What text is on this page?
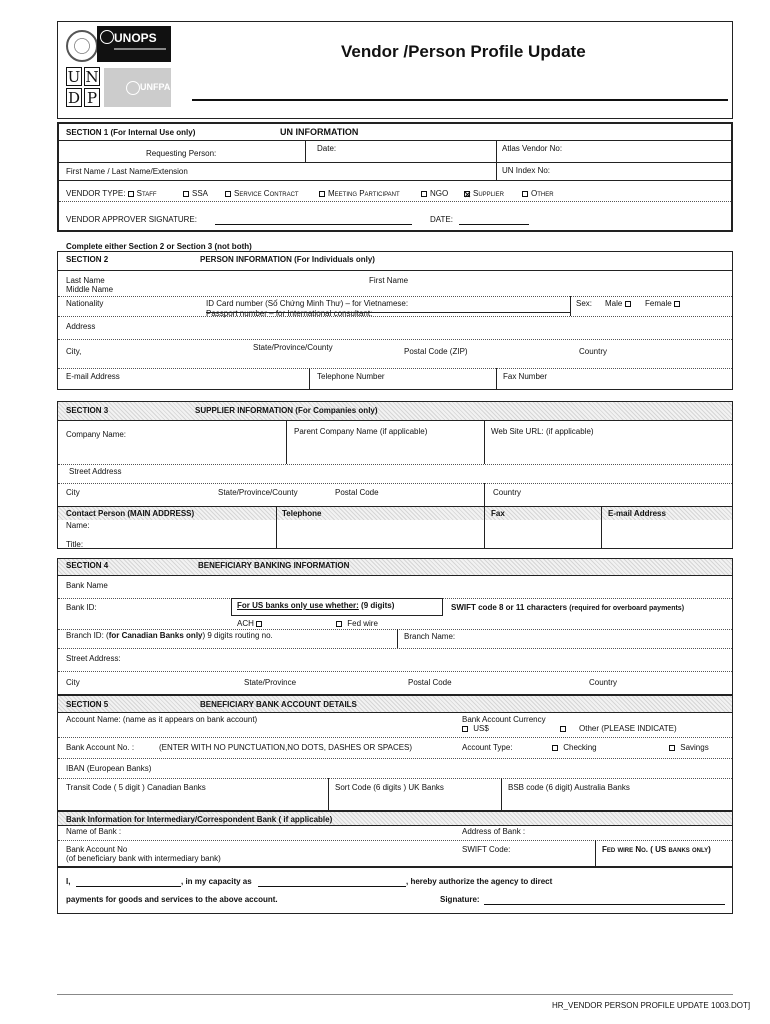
UNOPS
U N
D P
UNFPA
Vendor /Person Profile Update
SECTION 1 (For Internal Use only)	UN INFORMATION
Date:	Atlas Vendor No:
Requesting Person:
First Name / Last Name/Extension	UN Index No:
VENDOR TYPE: Staff	SSA	Service Contract	Meeting Participant	NGO	Supplier	Other
VENDOR APPROVER SIGNATURE:	DATE:
Complete either Section 2 or Section 3 (not both)
SECTION 2	PERSON INFORMATION (For Individuals only)
Last Name
Middle Name
First Name
Nationality	ID Card number (Số Chứng Minh Thư) – for Vietnamese:
Passport number – for International consultant:
Sex: Male	Female
Address
City,	State/Province/County	Postal Code (ZIP)	Country
E-mail Address	Telephone Number	Fax Number
SECTION 3	SUPPLIER INFORMATION (For Companies only)
Company Name:	Parent Company Name (if applicable)	Web Site URL: (if applicable)
Street Address
City	State/Province/County	Postal Code	Country
Contact Person (MAIN ADDRESS)	Telephone	Fax	E-mail Address
Name:
Title:
SECTION 4	BENEFICIARY BANKING INFORMATION
Bank Name
Bank ID:	For US banks only use whether: (9 digits)	SWIFT code 8 or 11 characters (required for overboard payments)
ACH	Fed wire
Branch ID: (for Canadian Banks only) 9 digits routing no.	Branch Name:
Street Address:
City	State/Province	Postal Code	Country
SECTION 5	BENEFICIARY BANK ACCOUNT DETAILS
Account Name: (name as it appears on bank account)	Bank Account Currency
US$	Other (PLEASE INDICATE)
Bank Account No. :	(ENTER WITH NO PUNCTUATION,NO DOTS, DASHES OR SPACES)	Account Type:	Checking	Savings
IBAN (European Banks)
Transit Code ( 5 digit ) Canadian Banks	Sort Code (6 digits ) UK Banks	BSB code (6 digit) Australia Banks
Bank Information for Intermediary/Correspondent Bank ( if applicable)
Name of Bank :	Address of Bank :
Bank Account No
(of beneficiary bank with intermediary bank)
SWIFT Code:	Fed wire No. ( US banks only)
I,	, in my capacity as	, hereby authorize the agency to direct
payments for goods and services to the above account.	Signature:
HR_VENDOR PERSON PROFILE UPDATE 1003.DOT]
